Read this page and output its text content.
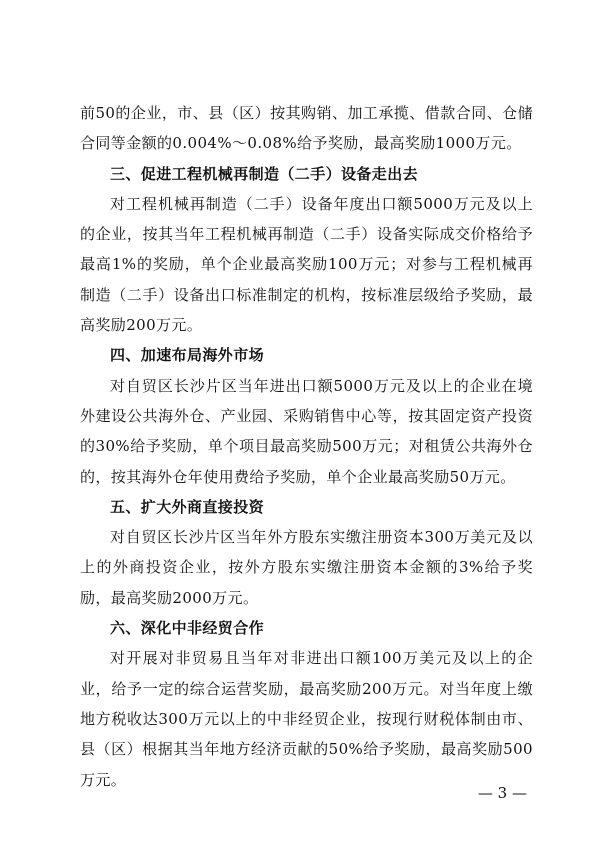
前50的企业，市、县（区）按其购销、加工承揽、借款合同、仓储合同等金额的0.004%～0.08%给予奖励，最高奖励1000万元。

三、促进工程机械再制造（二手）设备走出去

对工程机械再制造（二手）设备年度出口额5000万元及以上的企业，按其当年工程机械再制造（二手）设备实际成交价格给予最高1%的奖励，单个企业最高奖励100万元；对参与工程机械再制造（二手）设备出口标准制定的机构，按标准层级给予奖励，最高奖励200万元。

四、加速布局海外市场

对自贸区长沙片区当年进出口额5000万元及以上的企业在境外建设公共海外仓、产业园、采购销售中心等，按其固定资产投资的30%给予奖励，单个项目最高奖励500万元；对租赁公共海外仓的，按其海外仓年使用费给予奖励，单个企业最高奖励50万元。

五、扩大外商直接投资

对自贸区长沙片区当年外方股东实缴注册资本300万美元及以上的外商投资企业，按外方股东实缴注册资本金额的3%给予奖励，最高奖励2000万元。

六、深化中非经贸合作

对开展对非贸易且当年对非进出口额100万美元及以上的企业，给予一定的综合运营奖励，最高奖励200万元。对当年度上缴地方税收达300万元以上的中非经贸企业，按现行财税体制由市、县（区）根据其当年地方经济贡献的50%给予奖励，最高奖励500万元。

— 3 —
